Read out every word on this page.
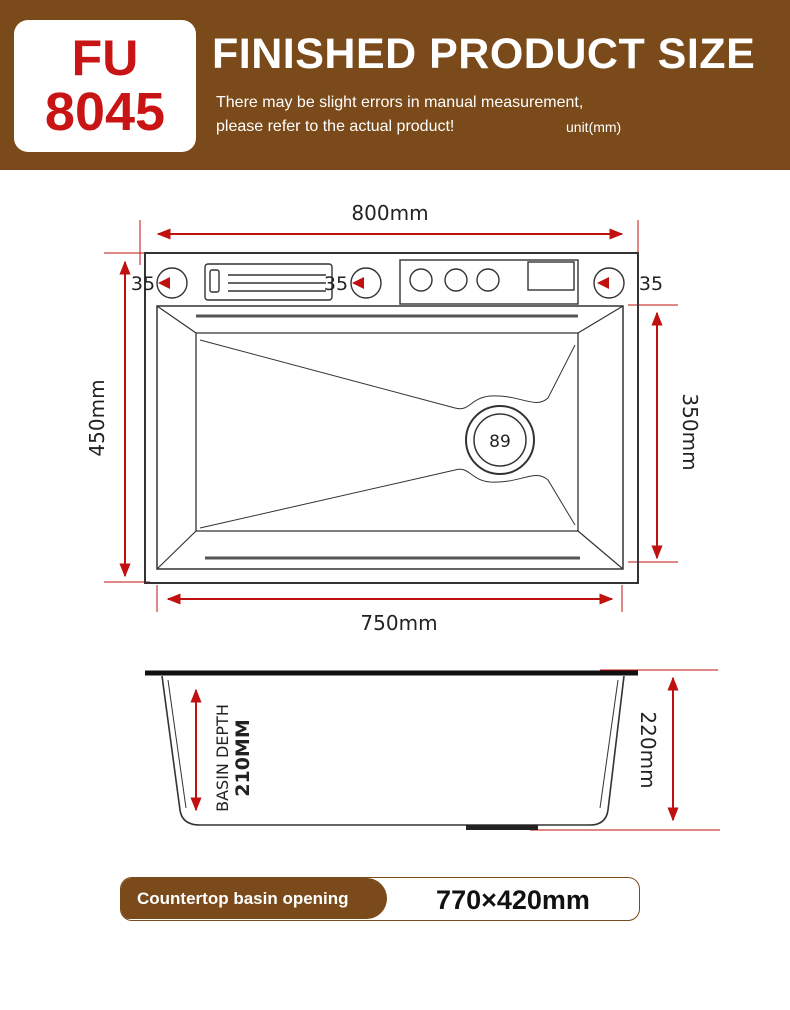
FU
8045
FINISHED PRODUCT SIZE
There may be slight errors in manual measurement,
please refer to the actual product!	unit(mm)
800mm
450mm	350mm
750mm
35	35	35
89
220mm
BASIN DEPTH 210MM
Countertop basin opening	770×420mm
